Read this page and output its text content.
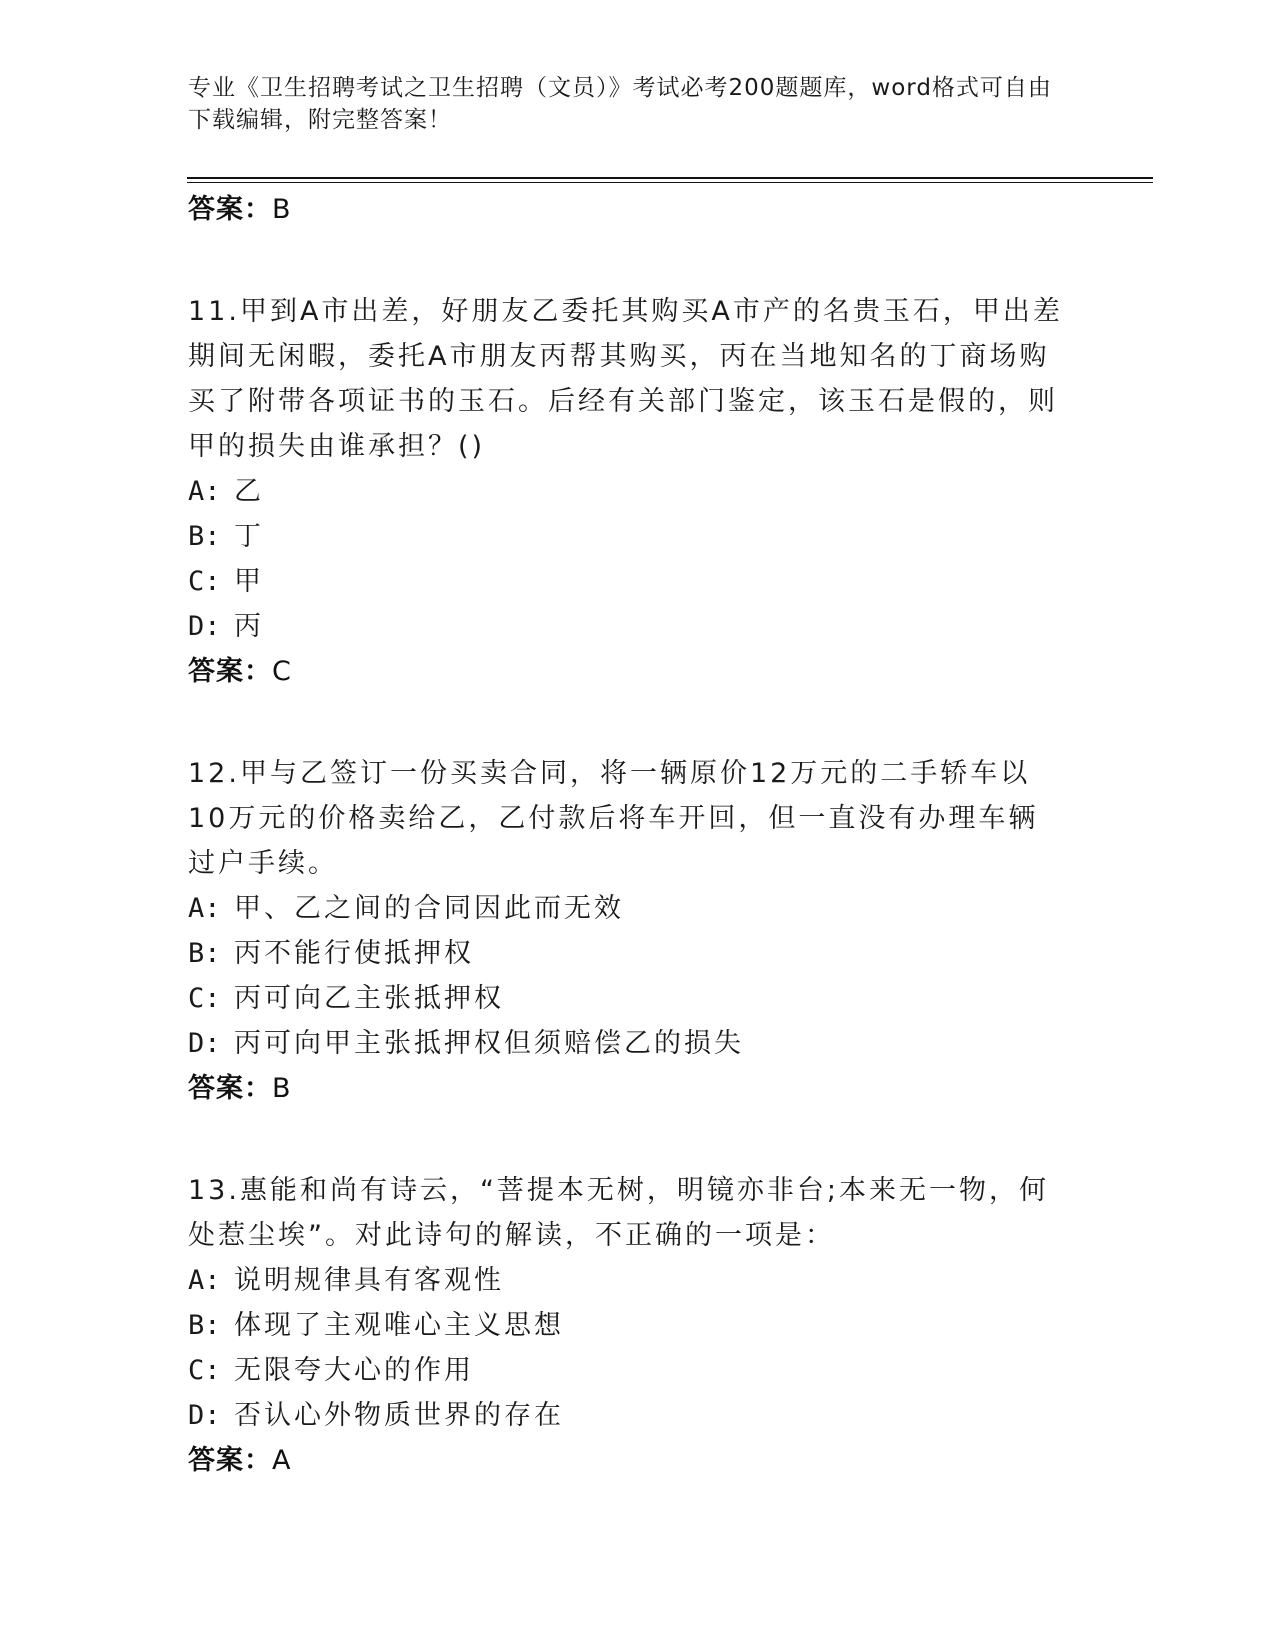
专业《卫生招聘考试之卫生招聘（文员）》考试必考200题题库，word格式可自由下载编辑，附完整答案！
答案：B
11.甲到A市出差，好朋友乙委托其购买A市产的名贵玉石，甲出差期间无闲暇，委托A市朋友丙帮其购买，丙在当地知名的丁商场购买了附带各项证书的玉石。后经有关部门鉴定，该玉石是假的，则甲的损失由谁承担？()
A: 乙
B: 丁
C: 甲
D: 丙
答案：C
12.甲与乙签订一份买卖合同，将一辆原价12万元的二手轿车以10万元的价格卖给乙，乙付款后将车开回，但一直没有办理车辆过户手续。
A: 甲、乙之间的合同因此而无效
B: 丙不能行使抵押权
C: 丙可向乙主张抵押权
D: 丙可向甲主张抵押权但须赔偿乙的损失
答案：B
13.惠能和尚有诗云，“菩提本无树，明镜亦非台;本来无一物，何处惹尘埃”。对此诗句的解读，不正确的一项是：
A: 说明规律具有客观性
B: 体现了主观唯心主义思想
C: 无限夸大心的作用
D: 否认心外物质世界的存在
答案：A
